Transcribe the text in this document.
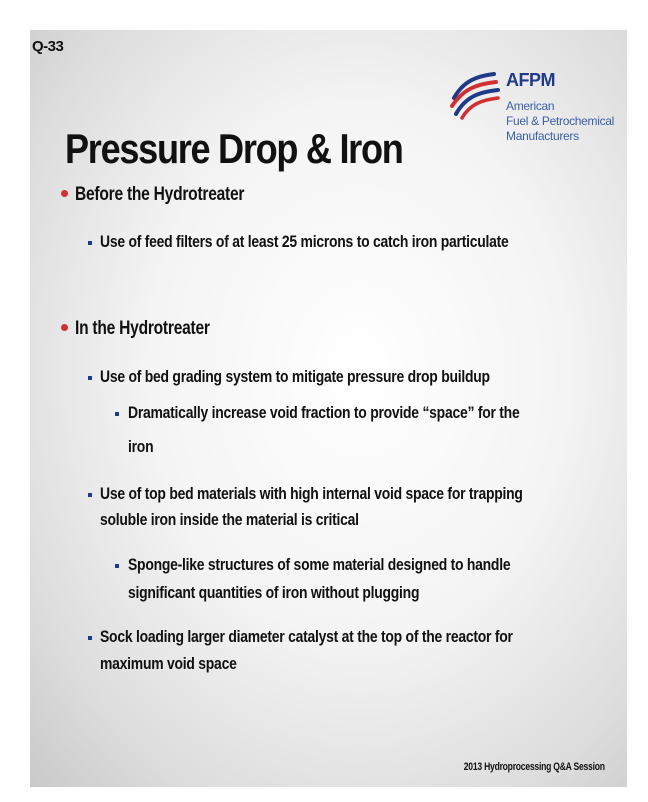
Q-33
AFPM
American
Fuel & Petrochemical
Manufacturers
Pressure Drop & Iron
Before the Hydrotreater
Use of feed filters of at least 25 microns to catch iron particulate
In the Hydrotreater
Use of bed grading system to mitigate pressure drop buildup
Dramatically increase void fraction to provide “space” for the
iron
Use of top bed materials with high internal void space for trapping
soluble iron inside the material is critical
Sponge-like structures of some material designed to handle
significant quantities of iron without plugging
Sock loading larger diameter catalyst at the top of the reactor for
maximum void space
2013 Hydroprocessing Q&A Session
